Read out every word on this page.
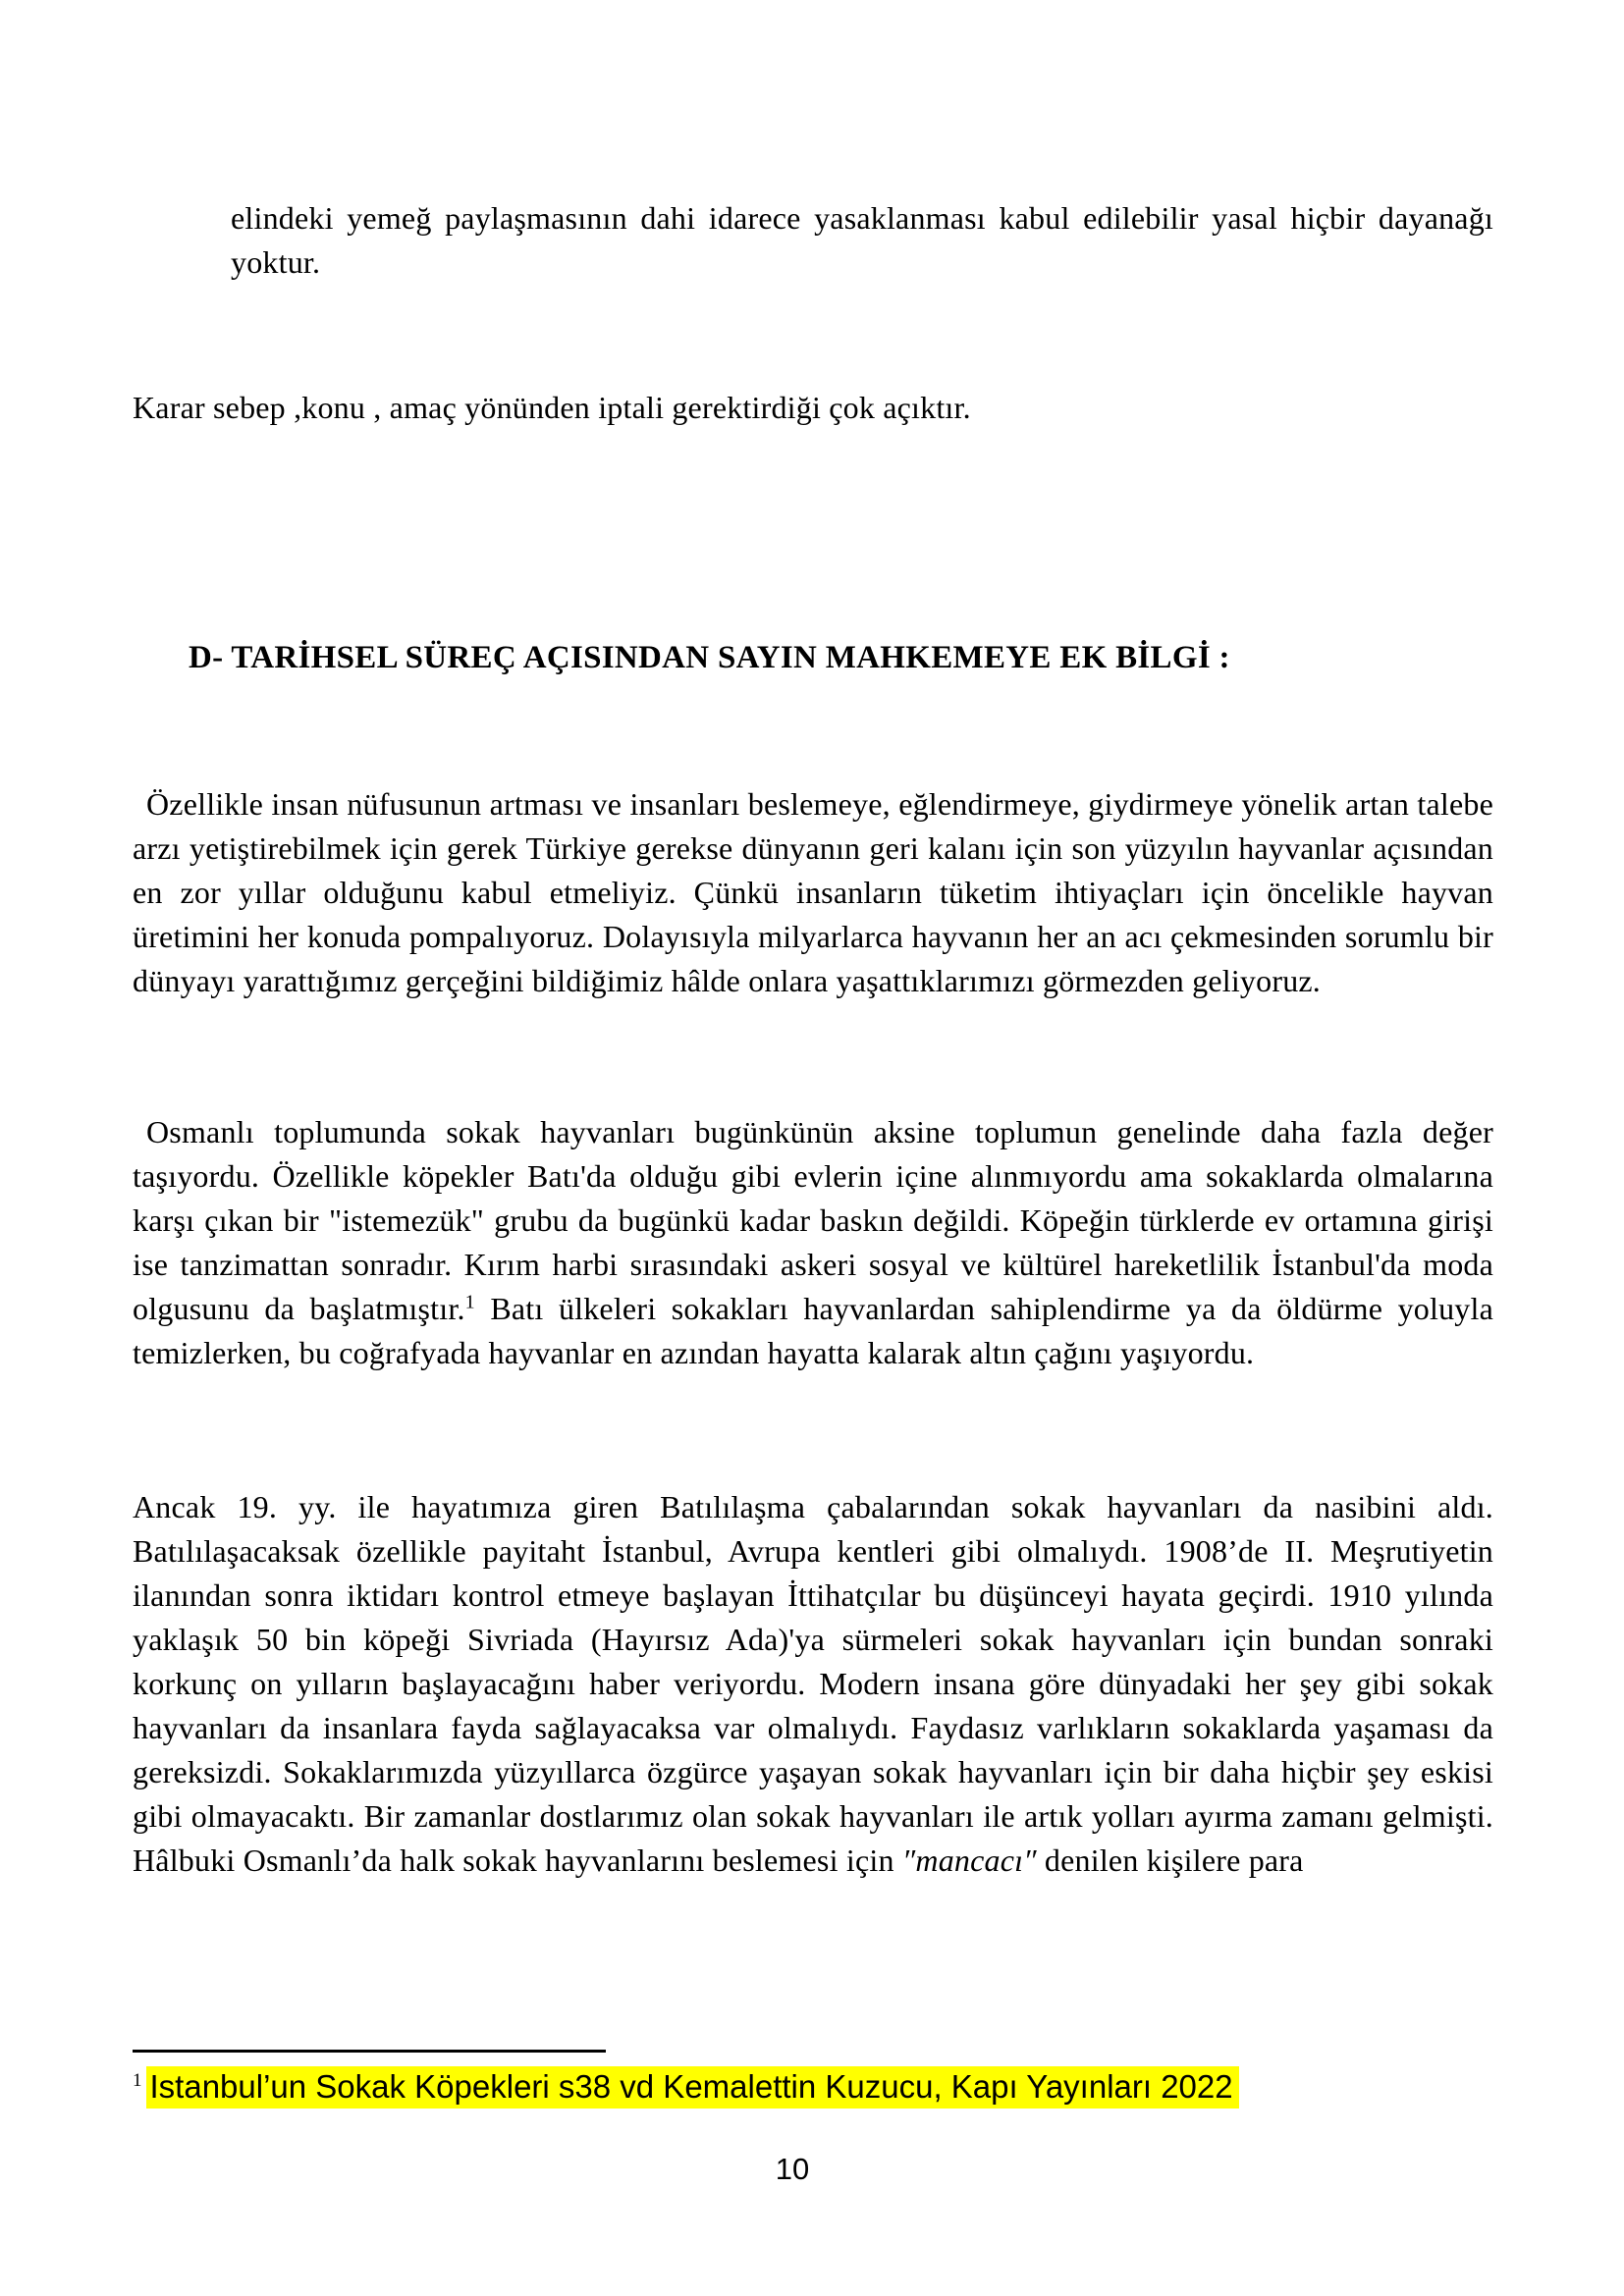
elindeki yemeğ paylaşmasının dahi idarece yasaklanması kabul edilebilir yasal hiçbir dayanağı yoktur.

Karar sebep ,konu , amaç yönünden iptali gerektirdiği çok açıktır.

D- TARİHSEL SÜREÇ AÇISINDAN SAYIN MAHKEMEYE EK BİLGİ :

Özellikle insan nüfusunun artması ve insanları beslemeye, eğlendirmeye, giydirmeye yönelik artan talebe arzı yetiştirebilmek için gerek Türkiye gerekse dünyanın geri kalanı için son yüzyılın hayvanlar açısından en zor yıllar olduğunu kabul etmeliyiz. Çünkü insanların tüketim ihtiyaçları için öncelikle hayvan üretimini her konuda pompalıyoruz. Dolayısıyla milyarlarca hayvanın her an acı çekmesinden sorumlu bir dünyayı yarattığımız gerçeğini bildiğimiz hâlde onlara yaşattıklarımızı görmezden geliyoruz.

Osmanlı toplumunda sokak hayvanları bugünkünün aksine toplumun genelinde daha fazla değer taşıyordu. Özellikle köpekler Batı'da olduğu gibi evlerin içine alınmıyordu ama sokaklarda olmalarına karşı çıkan bir "istemezük" grubu da bugünkü kadar baskın değildi. Köpeğin türklerde ev ortamına girişi ise tanzimattan sonradır. Kırım harbi sırasındaki askeri sosyal ve kültürel hareketlilik İstanbul'da moda olgusunu da başlatmıştır.$^1$ Batı ülkeleri sokakları hayvanlardan sahiplendirme ya da öldürme yoluyla temizlerken, bu coğrafyada hayvanlar en azından hayatta kalarak altın çağını yaşıyordu.

Ancak 19. yy. ile hayatımıza giren Batılılaşma çabalarından sokak hayvanları da nasibini aldı. Batılılaşacaksak özellikle payitaht İstanbul, Avrupa kentleri gibi olmalıydı. 1908’de II. Meşrutiyetin ilanından sonra iktidarı kontrol etmeye başlayan İttihatçılar bu düşünceyi hayata geçirdi. 1910 yılında yaklaşık 50 bin köpeği Sivriada (Hayırsız Ada)'ya sürmeleri sokak hayvanları için bundan sonraki korkunç on yılların başlayacağını haber veriyordu. Modern insana göre dünyadaki her şey gibi sokak hayvanları da insanlara fayda sağlayacaksa var olmalıydı. Faydasız varlıkların sokaklarda yaşaması da gereksizdi. Sokaklarımızda yüzyıllarca özgürce yaşayan sokak hayvanları için bir daha hiçbir şey eskisi gibi olmayacaktı. Bir zamanlar dostlarımız olan sokak hayvanları ile artık yolları ayırma zamanı gelmişti. Hâlbuki Osmanlı’da halk sokak hayvanlarını beslemesi için ″mancacı″ denilen kişilere para

$^1$ Istanbul’un Sokak Köpekleri s38 vd Kemalettin Kuzucu, Kapı Yayınları 2022
10
